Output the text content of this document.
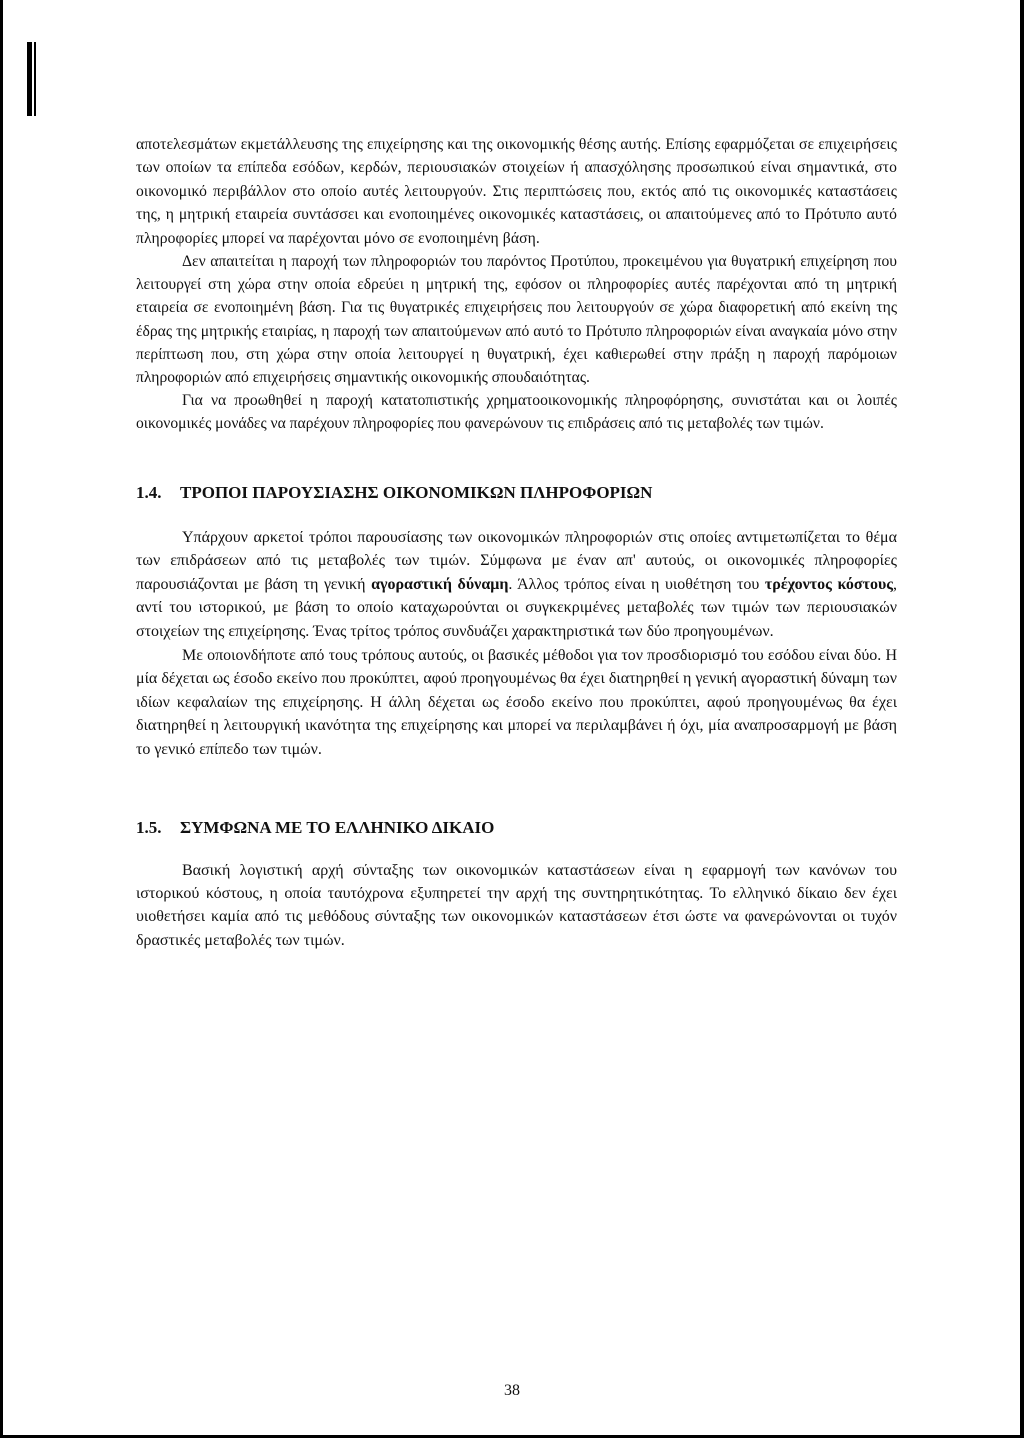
αποτελεσμάτων εκμετάλλευσης της επιχείρησης και της οικονομικής θέσης αυτής. Επίσης εφαρμόζεται σε επιχειρήσεις των οποίων τα επίπεδα εσόδων, κερδών, περιουσιακών στοιχείων ή απασχόλησης προσωπικού είναι σημαντικά, στο οικονομικό περιβάλλον στο οποίο αυτές λειτουργούν. Στις περιπτώσεις που, εκτός από τις οικονομικές καταστάσεις της, η μητρική εταιρεία συντάσσει και ενοποιημένες οικονομικές καταστάσεις, οι απαιτούμενες από το Πρότυπο αυτό πληροφορίες μπορεί να παρέχονται μόνο σε ενοποιημένη βάση.

Δεν απαιτείται η παροχή των πληροφοριών του παρόντος Προτύπου, προκειμένου για θυγατρική επιχείρηση που λειτουργεί στη χώρα στην οποία εδρεύει η μητρική της, εφόσον οι πληροφορίες αυτές παρέχονται από τη μητρική εταιρεία σε ενοποιημένη βάση. Για τις θυγατρικές επιχειρήσεις που λειτουργούν σε χώρα διαφορετική από εκείνη της έδρας της μητρικής εταιρίας, η παροχή των απαιτούμενων από αυτό το Πρότυπο πληροφοριών είναι αναγκαία μόνο στην περίπτωση που, στη χώρα στην οποία λειτουργεί η θυγατρική, έχει καθιερωθεί στην πράξη η παροχή παρόμοιων πληροφοριών από επιχειρήσεις σημαντικής οικονομικής σπουδαιότητας.

Για να προωθηθεί η παροχή κατατοπιστικής χρηματοοικονομικής πληροφόρησης, συνιστάται και οι λοιπές οικονομικές μονάδες να παρέχουν πληροφορίες που φανερώνουν τις επιδράσεις από τις μεταβολές των τιμών.

1.4. ΤΡΟΠΟΙ ΠΑΡΟΥΣΙΑΣΗΣ ΟΙΚΟΝΟΜΙΚΩΝ ΠΛΗΡΟΦΟΡΙΩΝ

Υπάρχουν αρκετοί τρόποι παρουσίασης των οικονομικών πληροφοριών στις οποίες αντιμετωπίζεται το θέμα των επιδράσεων από τις μεταβολές των τιμών. Σύμφωνα με έναν απ' αυτούς, οι οικονομικές πληροφορίες παρουσιάζονται με βάση τη γενική αγοραστική δύναμη. Άλλος τρόπος είναι η υιοθέτηση του τρέχοντος κόστους, αντί του ιστορικού, με βάση το οποίο καταχωρούνται οι συγκεκριμένες μεταβολές των τιμών των περιουσιακών στοιχείων της επιχείρησης. Ένας τρίτος τρόπος συνδυάζει χαρακτηριστικά των δύο προηγουμένων.

Με οποιονδήποτε από τους τρόπους αυτούς, οι βασικές μέθοδοι για τον προσδιορισμό του εσόδου είναι δύο. Η μία δέχεται ως έσοδο εκείνο που προκύπτει, αφού προηγουμένως θα έχει διατηρηθεί η γενική αγοραστική δύναμη των ιδίων κεφαλαίων της επιχείρησης. Η άλλη δέχεται ως έσοδο εκείνο που προκύπτει, αφού προηγουμένως θα έχει διατηρηθεί η λειτουργική ικανότητα της επιχείρησης και μπορεί να περιλαμβάνει ή όχι, μία αναπροσαρμογή με βάση το γενικό επίπεδο των τιμών.

1.5. ΣΥΜΦΩΝΑ ΜΕ ΤΟ ΕΛΛΗΝΙΚΟ ΔΙΚΑΙΟ

Βασική λογιστική αρχή σύνταξης των οικονομικών καταστάσεων είναι η εφαρμογή των κανόνων του ιστορικού κόστους, η οποία ταυτόχρονα εξυπηρετεί την αρχή της συντηρητικότητας. Το ελληνικό δίκαιο δεν έχει υιοθετήσει καμία από τις μεθόδους σύνταξης των οικονομικών καταστάσεων έτσι ώστε να φανερώνονται οι τυχόν δραστικές μεταβολές των τιμών.

38
